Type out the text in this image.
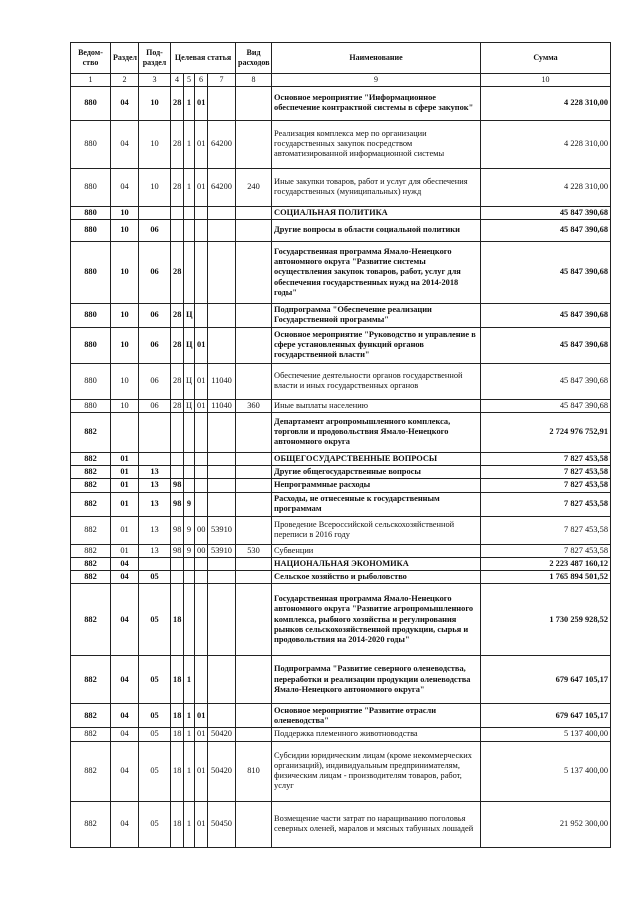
Ведом-ство	Раздел	Под-раздел	Целевая статья				Вид расходов	Наименование	Сумма
1	2	3	4	5	6	7	8	9	10
880	04	10	28	1	01			Основное мероприятие "Информационное обеспечение контрактной системы в сфере закупок"	4 228 310,00
880	04	10	28	1	01	64200		Реализация комплекса мер по организации государственных закупок посредством автоматизированной информационной системы	4 228 310,00
880	04	10	28	1	01	64200	240	Иные закупки товаров, работ и услуг для обеспечения государственных (муниципальных) нужд	4 228 310,00
880	10							СОЦИАЛЬНАЯ ПОЛИТИКА	45 847 390,68
880	10	06						Другие вопросы в области социальной политики	45 847 390,68
880	10	06	28					Государственная программа Ямало-Ненецкого автономного округа "Развитие системы осуществления закупок товаров, работ, услуг для обеспечения государственных нужд на 2014-2018 годы"	45 847 390,68
880	10	06	28	Ц				Подпрограмма "Обеспечение реализации Государственной программы"	45 847 390,68
880	10	06	28	Ц	01			Основное мероприятие "Руководство и управление в сфере установленных функций органов государственной власти"	45 847 390,68
880	10	06	28	Ц	01	11040		Обеспечение деятельности органов государственной власти и иных государственных органов	45 847 390,68
880	10	06	28	Ц	01	11040	360	Иные выплаты населению	45 847 390,68
882								Департамент агропромышленного комплекса, торговли и продовольствия Ямало-Ненецкого автономного округа	2 724 976 752,91
882	01							ОБЩЕГОСУДАРСТВЕННЫЕ ВОПРОСЫ	7 827 453,58
882	01	13						Другие общегосударственные вопросы	7 827 453,58
882	01	13	98					Непрограммные расходы	7 827 453,58
882	01	13	98	9				Расходы, не отнесенные к государственным программам	7 827 453,58
882	01	13	98	9	00	53910		Проведение Всероссийской сельскохозяйственной переписи в 2016 году	7 827 453,58
882	01	13	98	9	00	53910	530	Субвенции	7 827 453,58
882	04							НАЦИОНАЛЬНАЯ ЭКОНОМИКА	2 223 487 160,12
882	04	05						Сельское хозяйство и рыболовство	1 765 894 501,52
882	04	05	18					Государственная программа Ямало-Ненецкого автономного округа "Развитие агропромышленного комплекса, рыбного хозяйства и регулирования рынков сельскохозяйственной продукции, сырья и продовольствия на 2014-2020 годы"	1 730 259 928,52
882	04	05	18	1				Подпрограмма "Развитие северного оленеводства, переработки и реализации продукции оленеводства Ямало-Ненецкого автономного округа"	679 647 105,17
882	04	05	18	1	01			Основное мероприятие "Развитие отрасли оленеводства"	679 647 105,17
882	04	05	18	1	01	50420		Поддержка племенного животноводства	5 137 400,00
882	04	05	18	1	01	50420	810	Субсидии юридическим лицам (кроме некоммерческих организаций), индивидуальным предпринимателям, физическим лицам - производителям товаров, работ, услуг	5 137 400,00
882	04	05	18	1	01	50450		Возмещение части затрат по наращиванию поголовья северных оленей, маралов и мясных табунных лошадей	21 952 300,00
